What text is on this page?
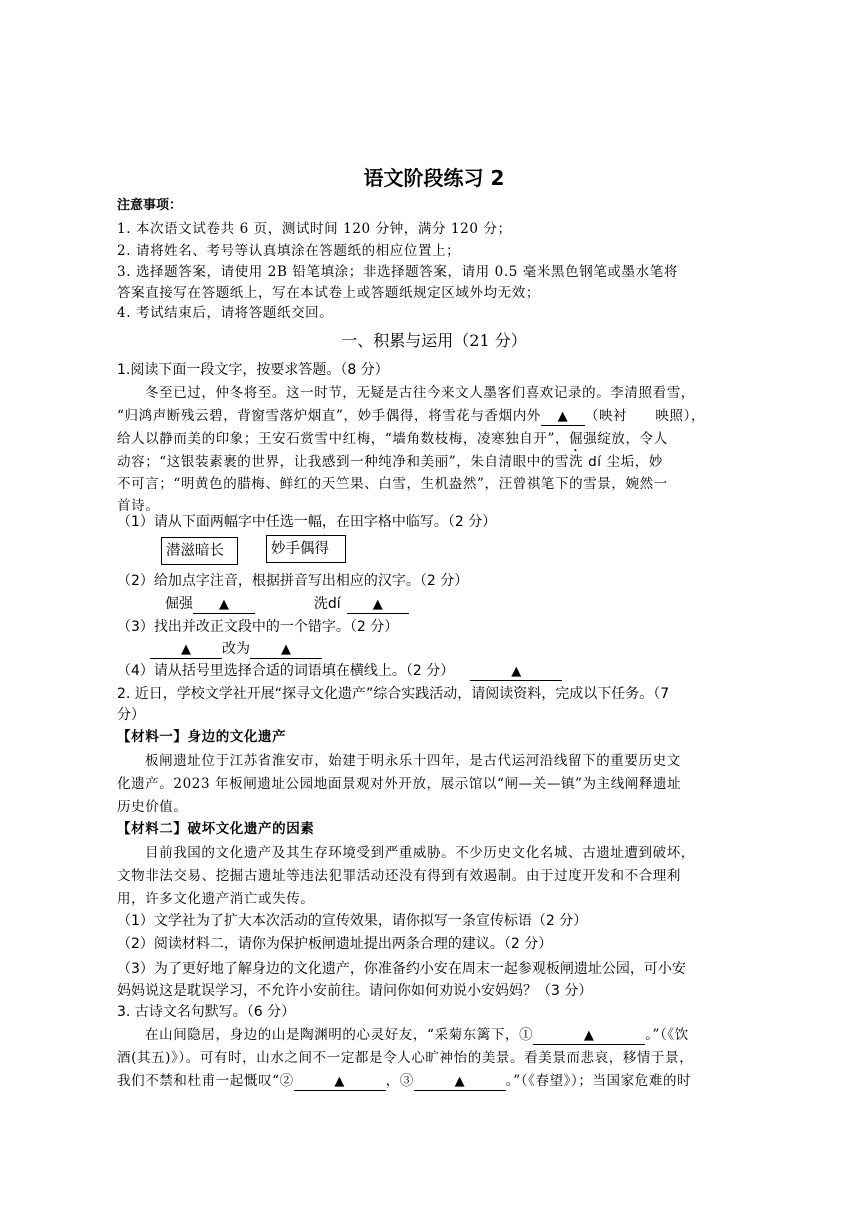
语文阶段练习 2
注意事项：
1. 本次语文试卷共 6 页，测试时间 120 分钟，满分 120 分；
2. 请将姓名、考号等认真填涂在答题纸的相应位置上；
3. 选择题答案，请使用 2B 铅笔填涂；非选择题答案，请用 0.5 毫米黑色钢笔或墨水笔将
答案直接写在答题纸上，写在本试卷上或答题纸规定区域外均无效；
4. 考试结束后，请将答题纸交回。
一、积累与运用（21 分）
1.阅读下面一段文字，按要求答题。（8 分）
冬至已过，仲冬将至。这一时节，无疑是古往今来文人墨客们喜欢记录的。李清照看雪，
“归鸿声断残云碧，背窗雪落炉烟直”，妙手偶得，将雪花与香烟内外 ▲ （映衬　　映照），
给人以静而美的印象；王安石赏雪中红梅，“墙角数枝梅，凌寒独自开”，倔强绽放，令人
动容；“这银装素裹的世界，让我感到一种纯净和美丽”，朱自清眼中的雪洗 dí 尘垢，妙
不可言；“明黄色的腊梅、鲜红的天竺果、白雪，生机盎然”，汪曾祺笔下的雪景，婉然一
首诗。
（1）请从下面两幅字中任选一幅，在田字格中临写。（2 分）
潜滋暗长	妙手偶得
（2）给加点字注音，根据拼音写出相应的汉字。（2 分）
倔强 ▲	洗dí ▲
（3）找出并改正文段中的一个错字。（2 分）
▲ 改为 ▲
（4）请从括号里选择合适的词语填在横线上。（2 分）	▲
2. 近日，学校文学社开展“探寻文化遗产”综合实践活动，请阅读资料，完成以下任务。（7
分）
【材料一】身边的文化遗产
板闸遗址位于江苏省淮安市，始建于明永乐十四年，是古代运河沿线留下的重要历史文
化遗产。2023 年板闸遗址公园地面景观对外开放，展示馆以“闸—关—镇”为主线阐释遗址
历史价值。
【材料二】破坏文化遗产的因素
目前我国的文化遗产及其生存环境受到严重威胁。不少历史文化名城、古遗址遭到破坏，
文物非法交易、挖掘古遗址等违法犯罪活动还没有得到有效遏制。由于过度开发和不合理利
用，许多文化遗产消亡或失传。
（1）文学社为了扩大本次活动的宣传效果，请你拟写一条宣传标语（2 分）
（2）阅读材料二，请你为保护板闸遗址提出两条合理的建议。（2 分）
（3）为了更好地了解身边的文化遗产，你准备约小安在周末一起参观板闸遗址公园，可小安
妈妈说这是耽误学习，不允许小安前往。请问你如何劝说小安妈妈？（3 分）
3. 古诗文名句默写。（6 分）
在山间隐居，身边的山是陶渊明的心灵好友，“采菊东篱下，①	▲	。”（《饮
酒(其五)》）。可有时，山水之间不一定都是令人心旷神怡的美景。看美景而悲哀，移情于景，
我们不禁和杜甫一起慨叹“②	▲	，③	▲	。”（《春望》）；当国家危难的时
